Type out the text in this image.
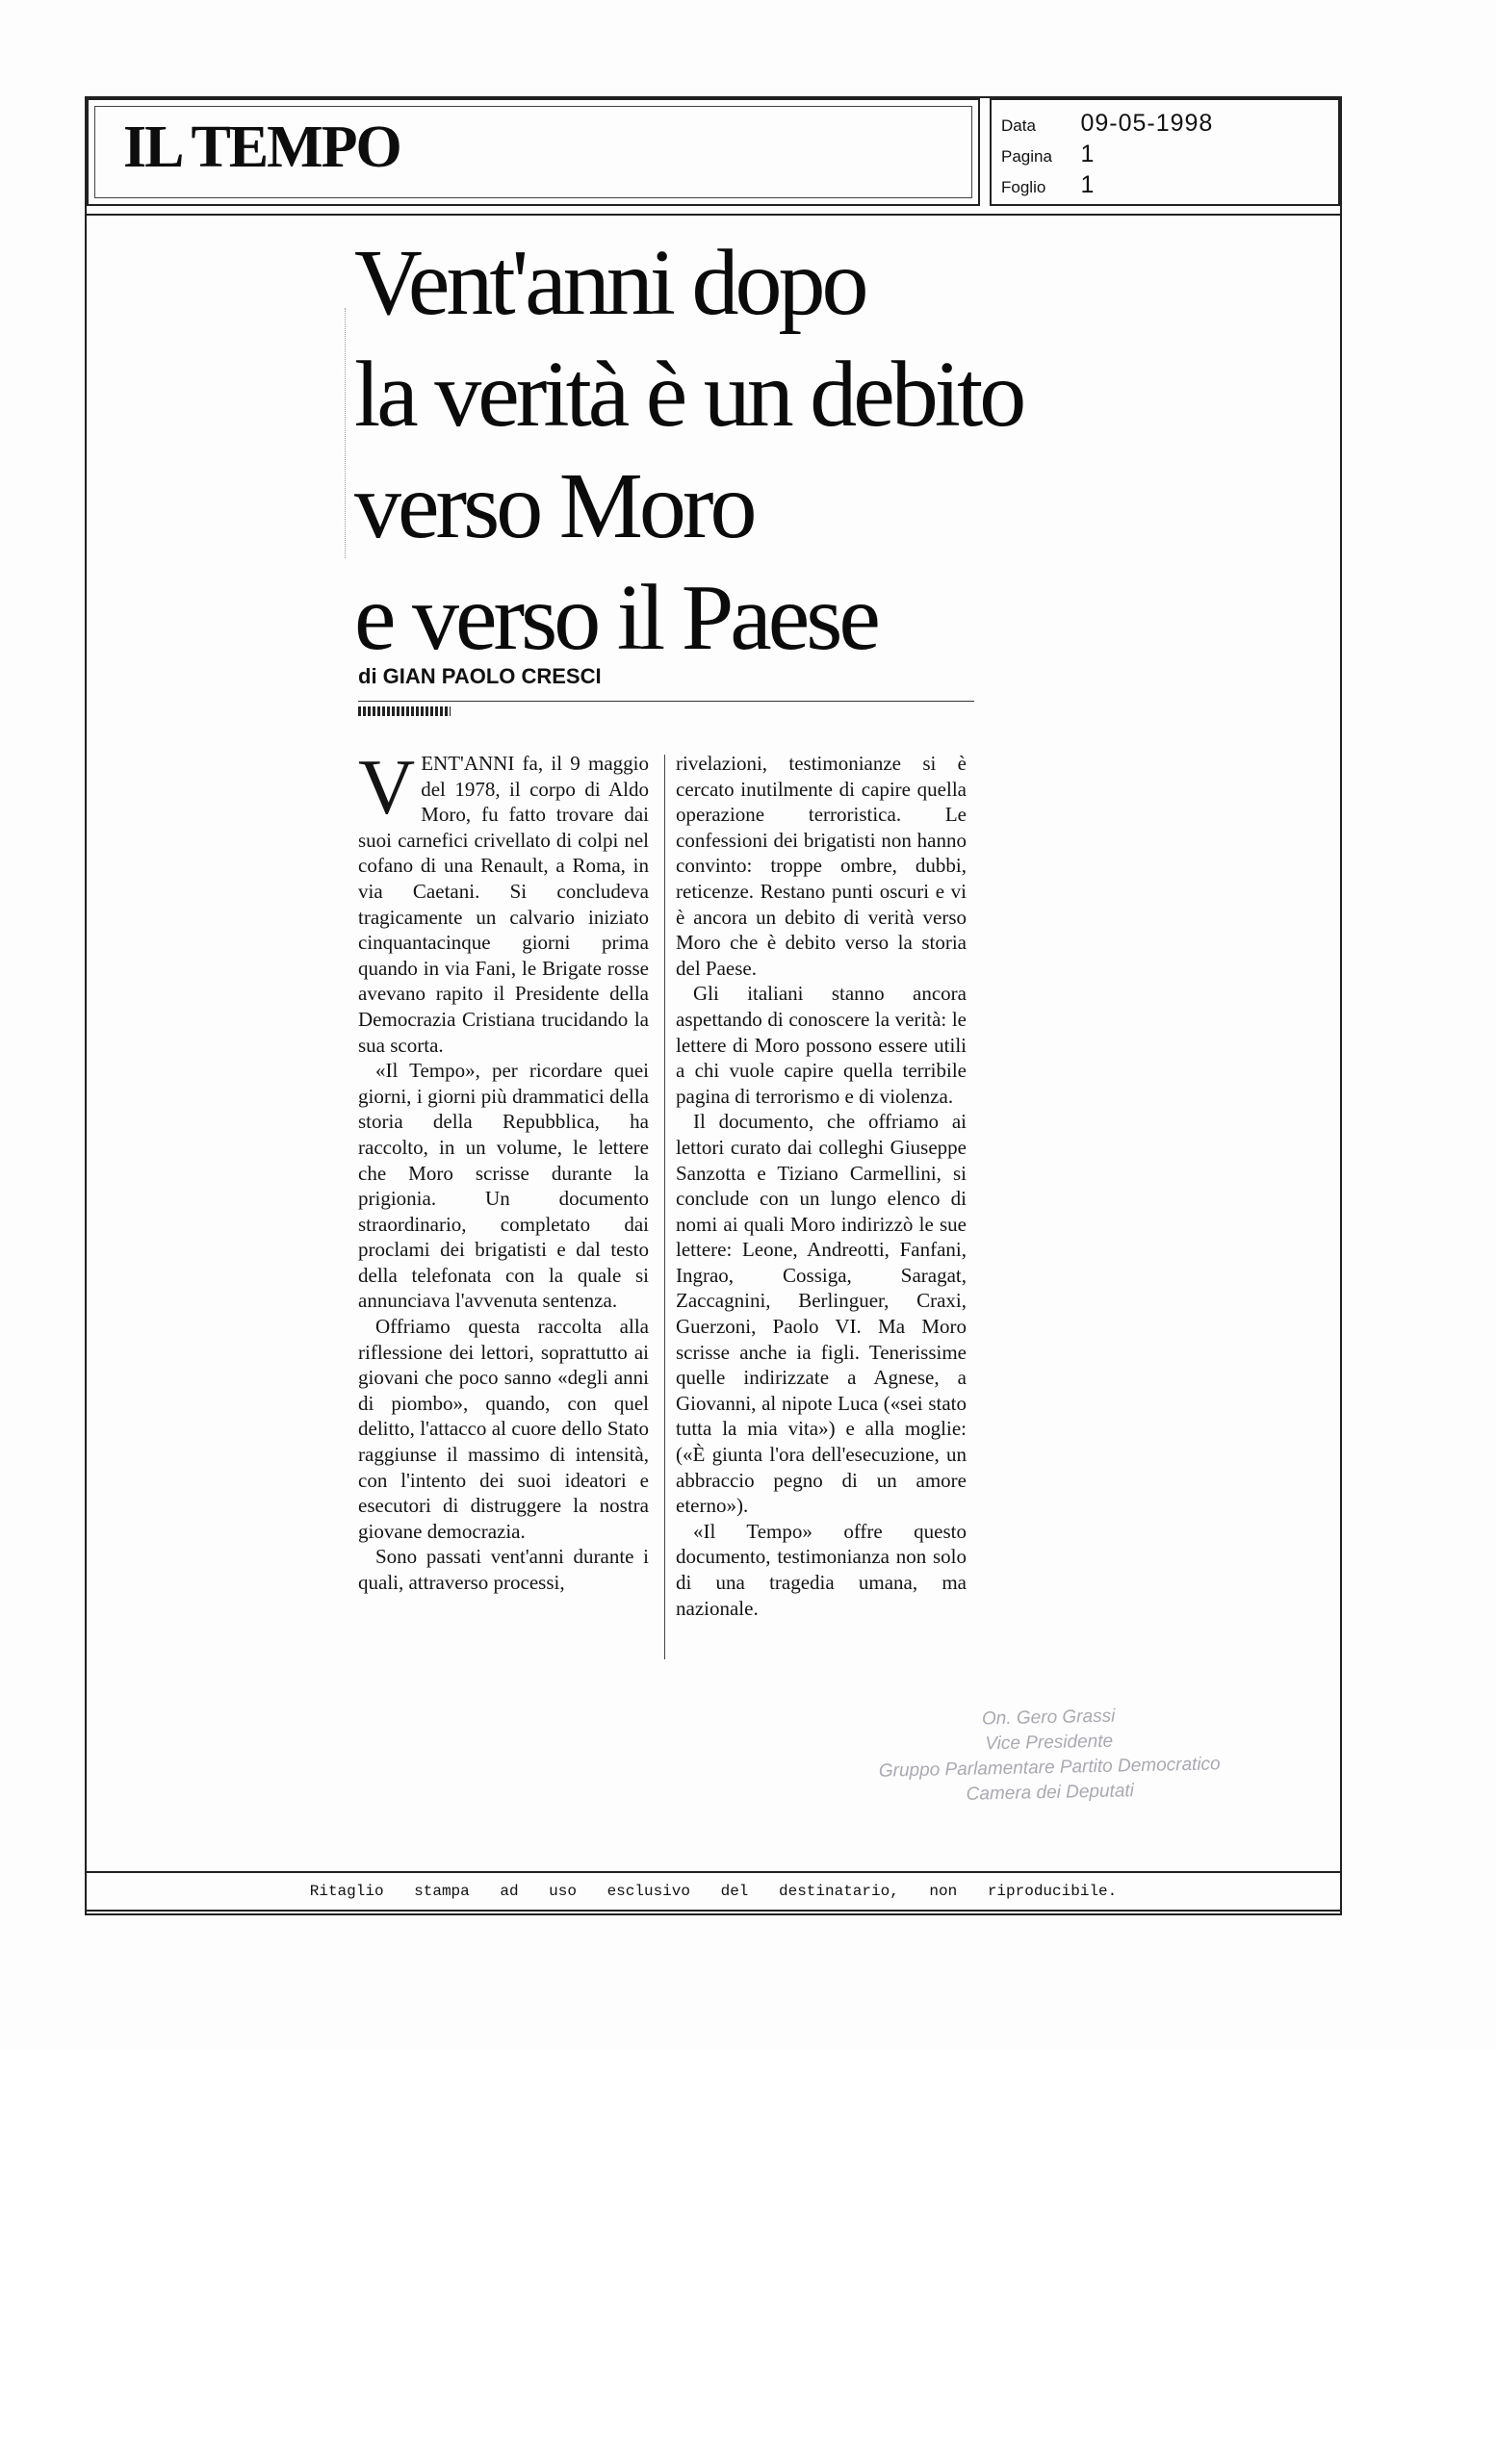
IL TEMPO	Data 09-05-1998
Pagina 1
Foglio 1
Vent'anni dopo
la verità è un debito
verso Moro
e verso il Paese
di GIAN PAOLO CRESCI

VENT'ANNI fa, il 9 maggio del 1978, il corpo di Aldo Moro, fu fatto trovare dai suoi carnefici crivellato di colpi nel cofano di una Renault, a Roma, in via Caetani. Si concludeva tragicamente un calvario iniziato cinquantacinque giorni prima quando in via Fani, le Brigate rosse avevano rapito il Presidente della Democrazia Cristiana trucidando la sua scorta.

«Il Tempo», per ricordare quei giorni, i giorni più drammatici della storia della Repubblica, ha raccolto, in un volume, le lettere che Moro scrisse durante la prigionia. Un documento straordinario, completato dai proclami dei brigatisti e dal testo della telefonata con la quale si annunciava l'avvenuta sentenza.

Offriamo questa raccolta alla riflessione dei lettori, soprattutto ai giovani che poco sanno «degli anni di piombo», quando, con quel delitto, l'attacco al cuore dello Stato raggiunse il massimo di intensità, con l'intento dei suoi ideatori e esecutori di distruggere la nostra giovane democrazia.

Sono passati vent'anni durante i quali, attraverso processi,

rivelazioni, testimonianze si è cercato inutilmente di capire quella operazione terroristica. Le confessioni dei brigatisti non hanno convinto: troppe ombre, dubbi, reticenze. Restano punti oscuri e vi è ancora un debito di verità verso Moro che è debito verso la storia del Paese.

Gli italiani stanno ancora aspettando di conoscere la verità: le lettere di Moro possono essere utili a chi vuole capire quella terribile pagina di terrorismo e di violenza.

Il documento, che offriamo ai lettori curato dai colleghi Giuseppe Sanzotta e Tiziano Carmellini, si conclude con un lungo elenco di nomi ai quali Moro indirizzò le sue lettere: Leone, Andreotti, Fanfani, Ingrao, Cossiga, Saragat, Zaccagnini, Berlinguer, Craxi, Guerzoni, Paolo VI. Ma Moro scrisse anche ia figli. Tenerissime quelle indirizzate a Agnese, a Giovanni, al nipote Luca («sei stato tutta la mia vita») e alla moglie: («È giunta l'ora dell'esecuzione, un abbraccio pegno di un amore eterno»).

«Il Tempo» offre questo documento, testimonianza non solo di una tragedia umana, ma nazionale.

On. Gero Grassi
Vice Presidente
Gruppo Parlamentare Partito Democratico
Camera dei Deputati
Ritaglio stampa ad uso esclusivo del destinatario, non riproducibile.
